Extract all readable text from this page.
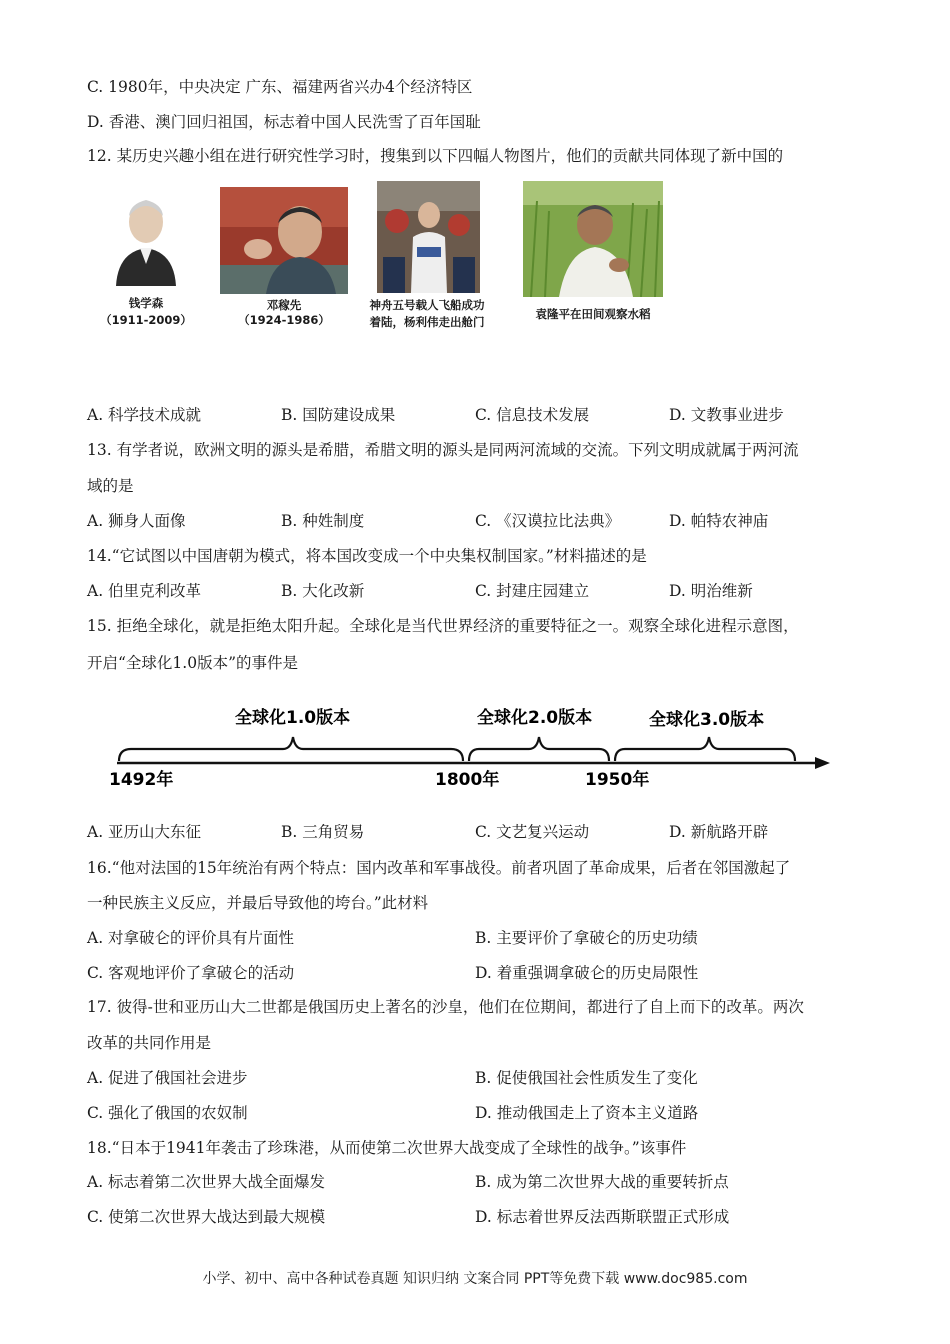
C. 1980年，中央决定 广东、福建两省兴办4个经济特区
D. 香港、澳门回归祖国，标志着中国人民洗雪了百年国耻
12. 某历史兴趣小组在进行研究性学习时，搜集到以下四幅人物图片，他们的贡献共同体现了新中国的
钱学森
（1911-2009）
邓稼先
（1924-1986）
神舟五号载人飞船成功
着陆，杨利伟走出舱门
袁隆平在田间观察水稻
A. 科学技术成就	B. 国防建设成果	C. 信息技术发展	D. 文教事业进步
13. 有学者说，欧洲文明的源头是希腊，希腊文明的源头是同两河流域的交流。下列文明成就属于两河流
域的是
A. 狮身人面像	B. 种姓制度	C. 《汉谟拉比法典》	D. 帕特农神庙
14.“它试图以中国唐朝为模式，将本国改变成一个中央集权制国家。”材料描述的是
A. 伯里克利改革	B. 大化改新	C. 封建庄园建立	D. 明治维新
15. 拒绝全球化，就是拒绝太阳升起。全球化是当代世界经济的重要特征之一。观察全球化进程示意图，
开启“全球化1.0版本”的事件是
全球化1.0版本	全球化2.0版本	全球化3.0版本
1492年	1800年	1950年
A. 亚历山大东征	B. 三角贸易	C. 文艺复兴运动	D. 新航路开辟
16.“他对法国的15年统治有两个特点：国内改革和军事战役。前者巩固了革命成果，后者在邻国激起了
一种民族主义反应，并最后导致他的垮台。”此材料
A. 对拿破仑的评价具有片面性	B. 主要评价了拿破仑的历史功绩
C. 客观地评价了拿破仑的活动	D. 着重强调拿破仑的历史局限性
17. 彼得-世和亚历山大二世都是俄国历史上著名的沙皇，他们在位期间，都进行了自上而下的改革。两次
改革的共同作用是
A. 促进了俄国社会进步	B. 促使俄国社会性质发生了变化
C. 强化了俄国的农奴制	D. 推动俄国走上了资本主义道路
18.“日本于1941年袭击了珍珠港，从而使第二次世界大战变成了全球性的战争。”该事件
A. 标志着第二次世界大战全面爆发	B. 成为第二次世界大战的重要转折点
C. 使第二次世界大战达到最大规模	D. 标志着世界反法西斯联盟正式形成
小学、初中、高中各种试卷真题 知识归纳 文案合同 PPT等免费下载 www.doc985.com
